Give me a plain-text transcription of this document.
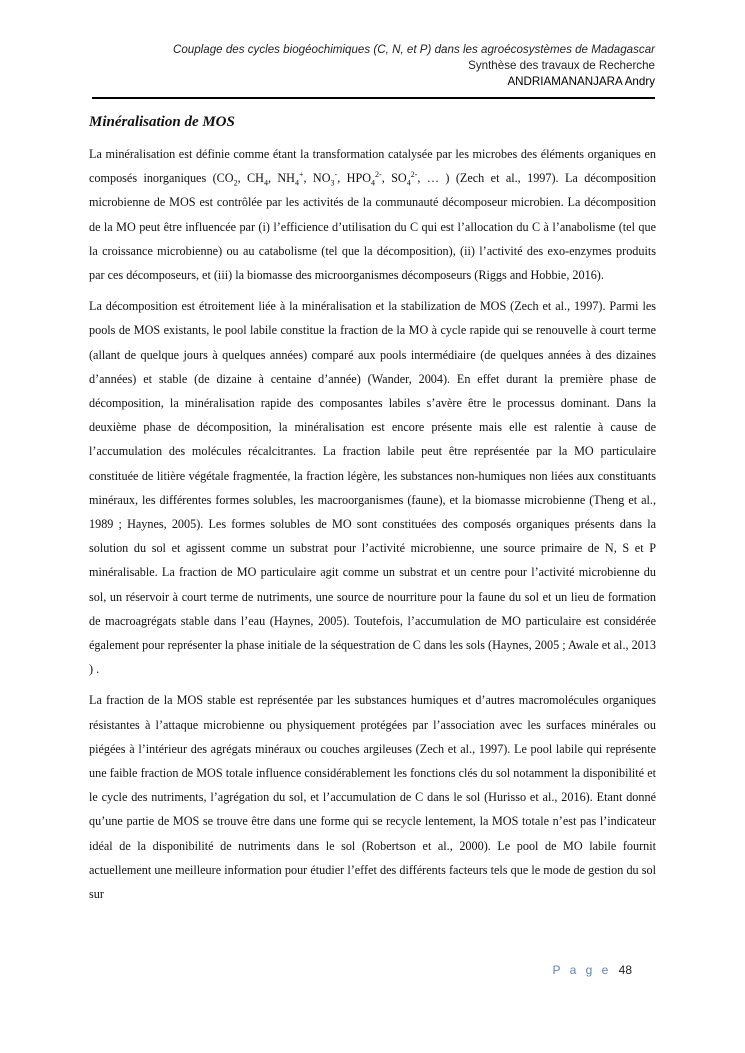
Couplage des cycles biogéochimiques (C, N, et P) dans les agroécosystèmes de Madagascar
Synthèse des travaux de Recherche
ANDRIAMANANJARA Andry
Minéralisation de MOS

La minéralisation est définie comme étant la transformation catalysée par les microbes des éléments organiques en composés inorganiques ($CO_2$, $CH_4$, $NH_4^+$, $NO_3^-$, $HPO_4^{2-}$, $SO_4^{2-}$, … ) (Zech et al., 1997). La décomposition microbienne de MOS est contrôlée par les activités de la communauté décomposeur microbien. La décomposition de la MO peut être influencée par (i) l’efficience d’utilisation du C qui est l’allocation du C à l’anabolisme (tel que la croissance microbienne) ou au catabolisme (tel que la décomposition), (ii) l’activité des exo-enzymes produits par ces décomposeurs, et (iii) la biomasse des microorganismes décomposeurs (Riggs and Hobbie, 2016).

La décomposition est étroitement liée à la minéralisation et la stabilization de MOS (Zech et al., 1997). Parmi les pools de MOS existants, le pool labile constitue la fraction de la MO à cycle rapide qui se renouvelle à court terme (allant de quelque jours à quelques années) comparé aux pools intermédiaire (de quelques années à des dizaines d’années) et stable (de dizaine à centaine d’année) (Wander, 2004). En effet durant la première phase de décomposition, la minéralisation rapide des composantes labiles s’avère être le processus dominant. Dans la deuxième phase de décomposition, la minéralisation est encore présente mais elle est ralentie à cause de l’accumulation des molécules récalcitrantes. La fraction labile peut être représentée par la MO particulaire constituée de litière végétale fragmentée, la fraction légère, les substances non-humiques non liées aux constituants minéraux, les différentes formes solubles, les macroorganismes (faune), et la biomasse microbienne (Theng et al., 1989 ; Haynes, 2005). Les formes solubles de MO sont constituées des composés organiques présents dans la solution du sol et agissent comme un substrat pour l’activité microbienne, une source primaire de N, S et P minéralisable. La fraction de MO particulaire agit comme un substrat et un centre pour l’activité microbienne du sol, un réservoir à court terme de nutriments, une source de nourriture pour la faune du sol et un lieu de formation de macroagrégats stable dans l’eau (Haynes, 2005). Toutefois, l’accumulation de MO particulaire est considérée également pour représenter la phase initiale de la séquestration de C dans les sols (Haynes, 2005 ; Awale et al., 2013 ) .

La fraction de la MOS stable est représentée par les substances humiques et d’autres macromolécules organiques résistantes à l’attaque microbienne ou physiquement protégées par l’association avec les surfaces minérales ou piégées à l’intérieur des agrégats minéraux ou couches argileuses (Zech et al., 1997). Le pool labile qui représente une faible fraction de MOS totale influence considérablement les fonctions clés du sol notamment la disponibilité et le cycle des nutriments, l’agrégation du sol, et l’accumulation de C dans le sol (Hurisso et al., 2016). Etant donné qu’une partie de MOS se trouve être dans une forme qui se recycle lentement, la MOS totale n’est pas l’indicateur idéal de la disponibilité de nutriments dans le sol (Robertson et al., 2000). Le pool de MO labile fournit actuellement une meilleure information pour étudier l’effet des différents facteurs tels que le mode de gestion du sol sur

P a g e 48
